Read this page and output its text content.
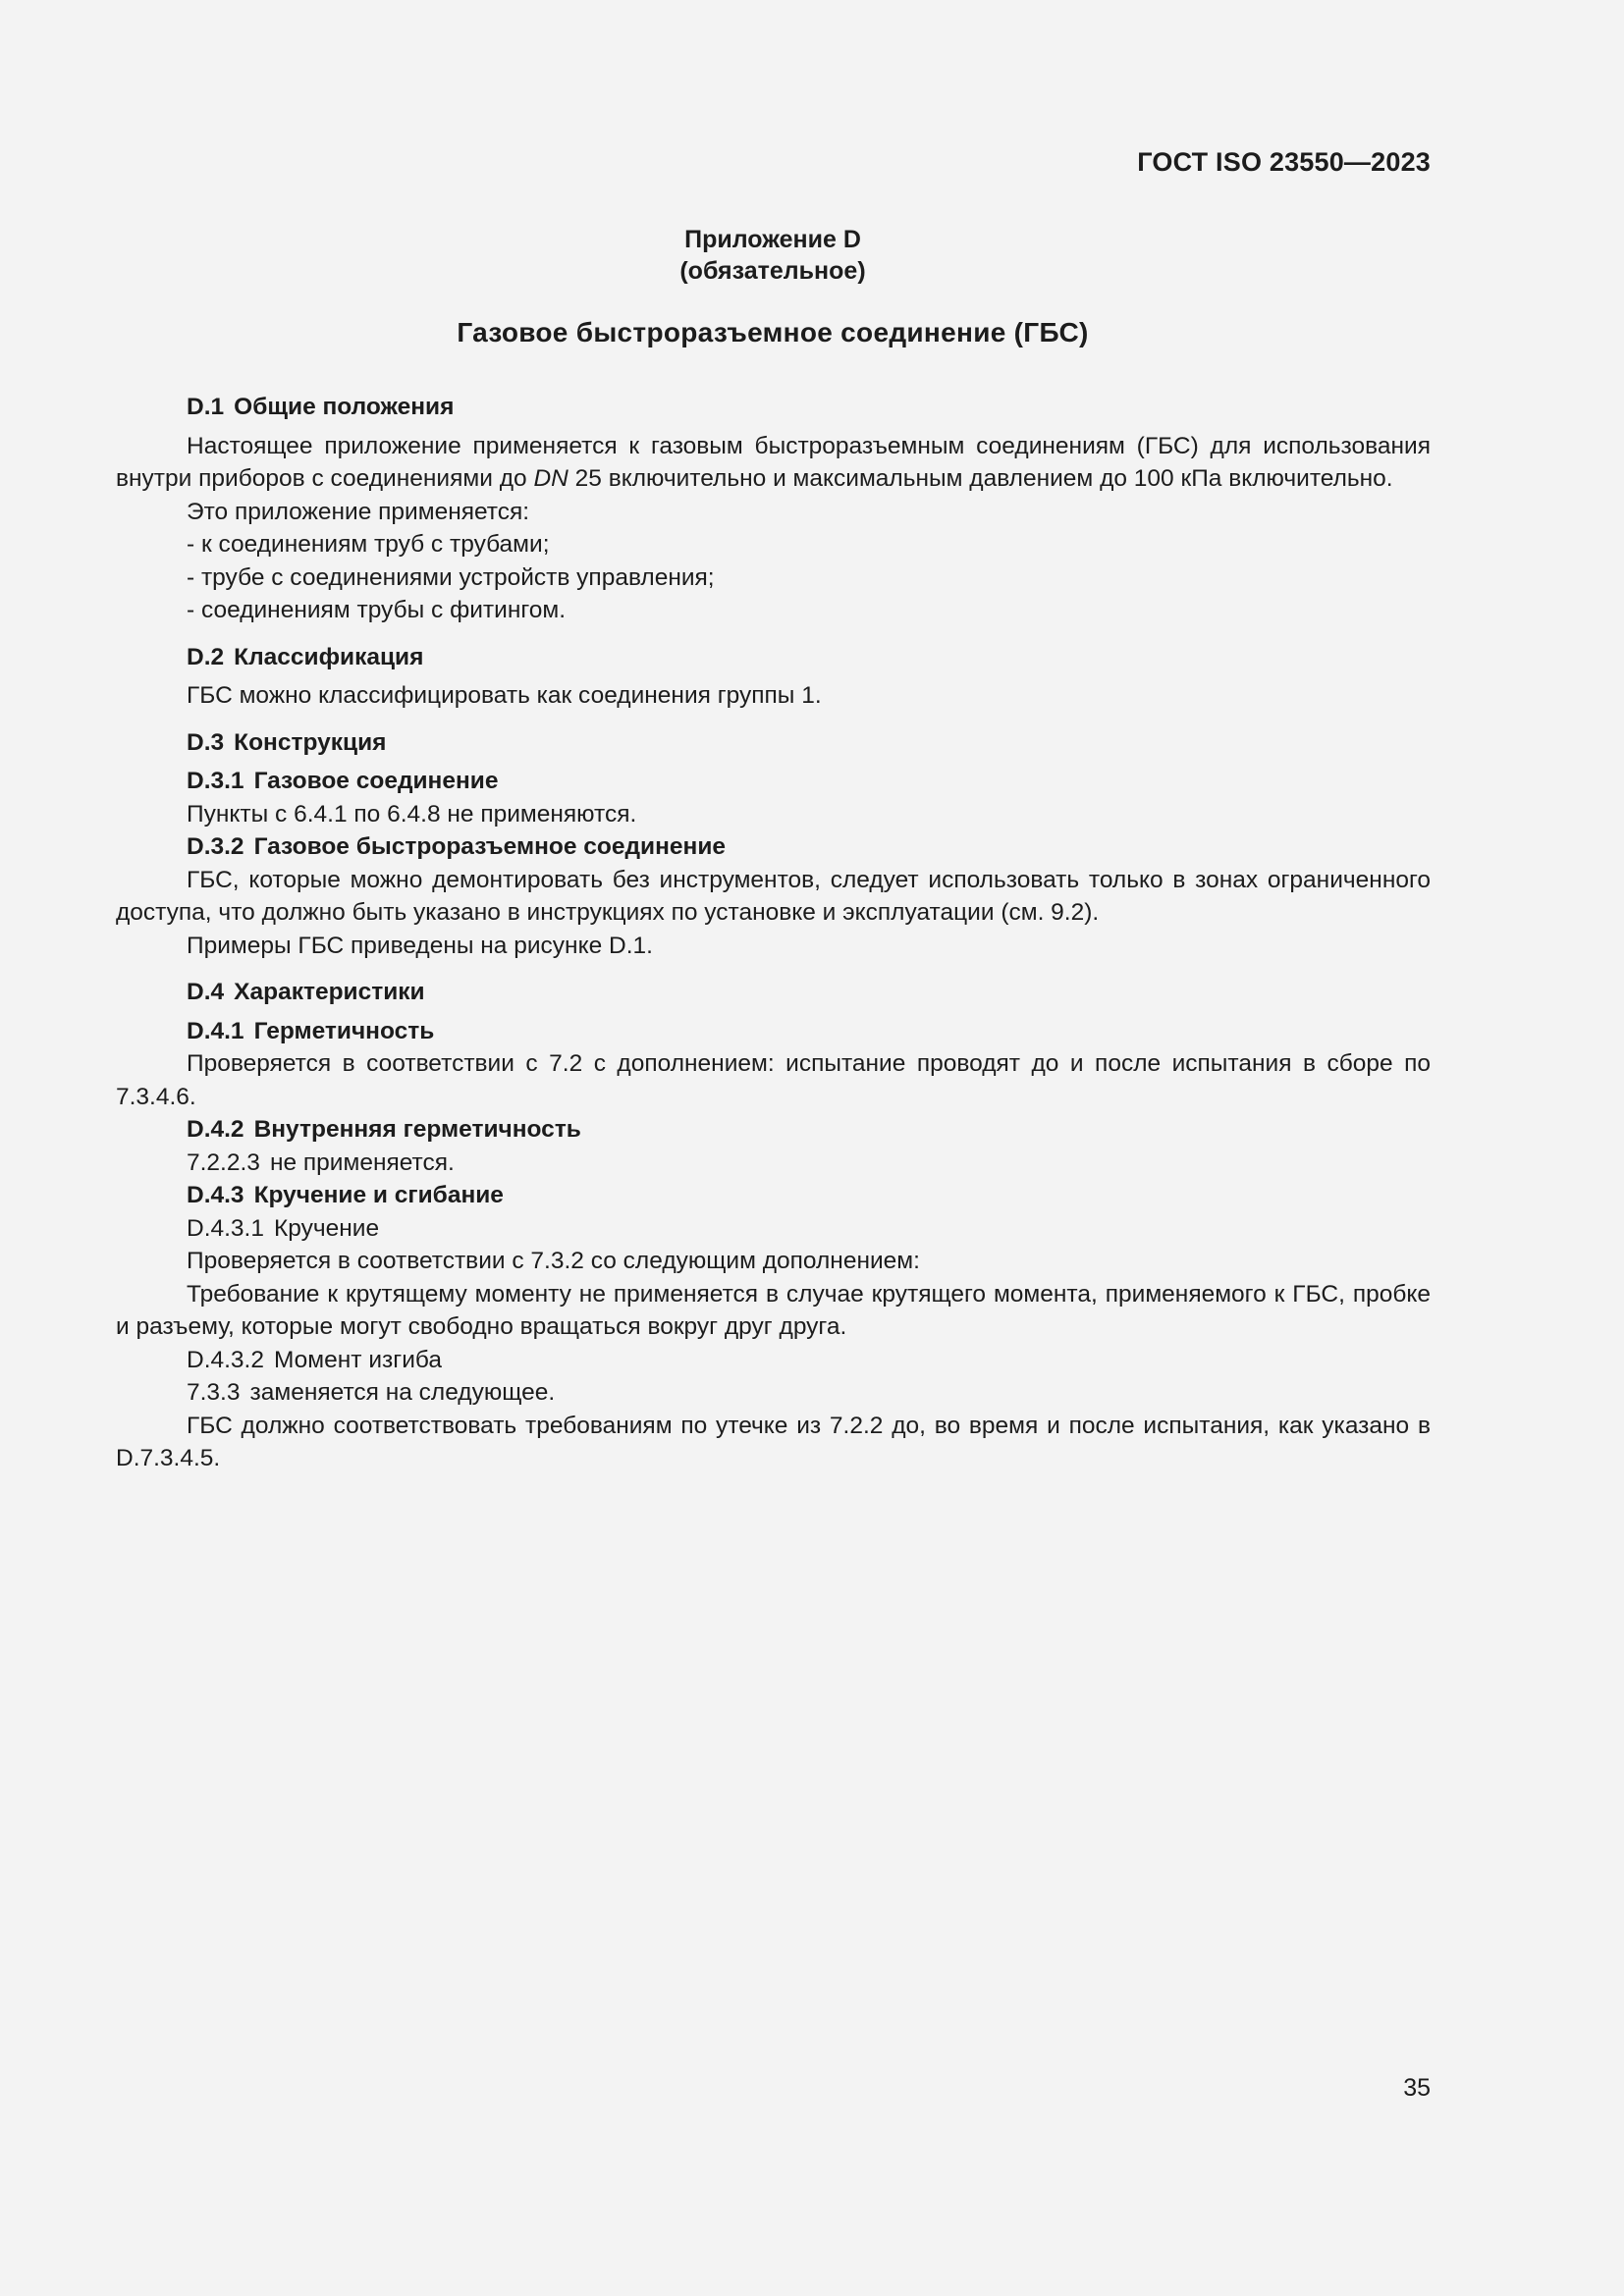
ГОСТ ISO 23550—2023
Приложение D
(обязательное)
Газовое быстроразъемное соединение (ГБС)
D.1 Общие положения
Настоящее приложение применяется к газовым быстроразъемным соединениям (ГБС) для использования внутри приборов с соединениями до DN 25 включительно и максимальным давлением до 100 кПа включительно.
Это приложение применяется:
- к соединениям труб с трубами;
- трубе с соединениями устройств управления;
- соединениям трубы с фитингом.
D.2 Классификация
ГБС можно классифицировать как соединения группы 1.
D.3 Конструкция
D.3.1 Газовое соединение
Пункты с 6.4.1 по 6.4.8 не применяются.
D.3.2 Газовое быстроразъемное соединение
ГБС, которые можно демонтировать без инструментов, следует использовать только в зонах ограниченного доступа, что должно быть указано в инструкциях по установке и эксплуатации (см. 9.2).
Примеры ГБС приведены на рисунке D.1.
D.4 Характеристики
D.4.1 Герметичность
Проверяется в соответствии с 7.2 с дополнением: испытание проводят до и после испытания в сборе по 7.3.4.6.
D.4.2 Внутренняя герметичность
7.2.2.3 не применяется.
D.4.3 Кручение и сгибание
D.4.3.1 Кручение
Проверяется в соответствии с 7.3.2 со следующим дополнением:
Требование к крутящему моменту не применяется в случае крутящего момента, применяемого к ГБС, пробке и разъему, которые могут свободно вращаться вокруг друг друга.
D.4.3.2 Момент изгиба
7.3.3 заменяется на следующее.
ГБС должно соответствовать требованиям по утечке из 7.2.2 до, во время и после испытания, как указано в D.7.3.4.5.
35
